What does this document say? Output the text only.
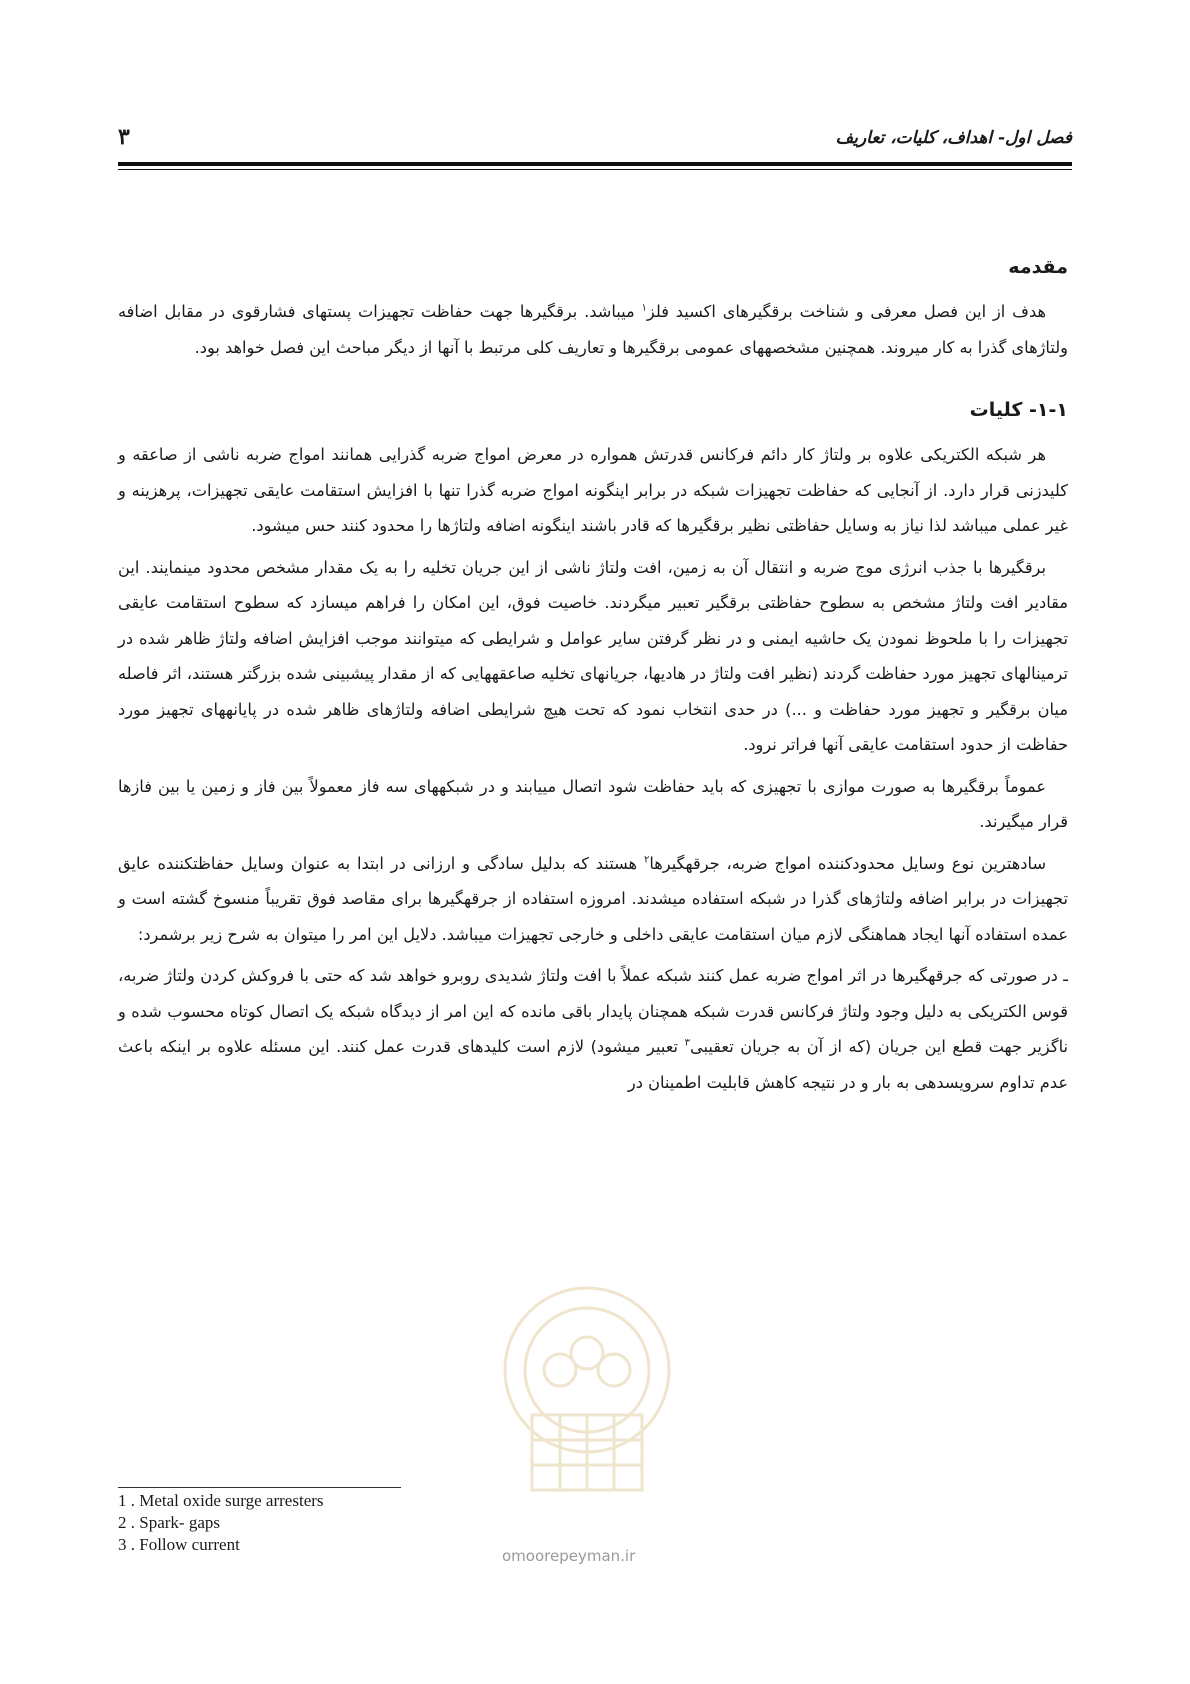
فصل اول- اهداف، کلیات، تعاریف
۳
مقدمه

هدف از این فصل معرفی و شناخت برقگیرهای اکسید فلز$^۱$ میباشد. برقگیرها جهت حفاظت تجهیزات پستهای فشارقوی در مقابل اضافه ولتاژهای گذرا به کار میروند. همچنین مشخصههای عمومی برقگیرها و تعاریف کلی مرتبط با آنها از دیگر مباحث این فصل خواهد بود.

۱-۱- کلیات

هر شبکه الکتریکی علاوه بر ولتاژ کار دائم فرکانس قدرتش همواره در معرض امواج ضربه گذرایی همانند امواج ضربه ناشی از صاعقه و کلیدزنی قرار دارد. از آنجایی که حفاظت تجهیزات شبکه در برابر اینگونه امواج ضربه گذرا تنها با افزایش استقامت عایقی تجهیزات، پرهزینه و غیر عملی میباشد لذا نیاز به وسایل حفاظتی نظیر برقگیرها که قادر باشند اینگونه اضافه ولتاژها را محدود کنند حس میشود.

برقگیرها با جذب انرژی موج ضربه و انتقال آن به زمین، افت ولتاژ ناشی از این جریان تخلیه را به یک مقدار مشخص محدود مینمایند. این مقادیر افت ولتاژ مشخص به سطوح حفاظتی برقگیر تعبیر میگردند. خاصیت فوق، این امکان را فراهم میسازد که سطوح استقامت عایقی تجهیزات را با ملحوظ نمودن یک حاشیه ایمنی و در نظر گرفتن سایر عوامل و شرایطی که میتوانند موجب افزایش اضافه ولتاژ ظاهر شده در ترمینالهای تجهیز مورد حفاظت گردند (نظیر افت ولتاژ در هادیها، جریانهای تخلیه صاعقههایی که از مقدار پیشبینی شده بزرگتر هستند، اثر فاصله میان برقگیر و تجهیز مورد حفاظت و ...) در حدی انتخاب نمود که تحت هیچ شرایطی اضافه ولتاژهای ظاهر شده در پایانههای تجهیز مورد حفاظت از حدود استقامت عایقی آنها فراتر نرود.

عموماً برقگیرها به صورت موازی با تجهیزی که باید حفاظت شود اتصال مییابند و در شبکههای سه فاز معمولاً بین فاز و زمین یا بین فازها قرار میگیرند.

سادهترین نوع وسایل محدودکننده امواج ضربه، جرقهگیرها$^۲$ هستند که بدلیل سادگی و ارزانی در ابتدا به عنوان وسایل حفاظتکننده عایق تجهیزات در برابر اضافه ولتاژهای گذرا در شبکه استفاده میشدند. امروزه استفاده از جرقهگیرها برای مقاصد فوق تقریباً منسوخ گشته است و عمده استفاده آنها ایجاد هماهنگی لازم میان استقامت عایقی داخلی و خارجی تجهیزات میباشد. دلایل این امر را میتوان به شرح زیر برشمرد:

ـ در صورتی که جرقهگیرها در اثر امواج ضربه عمل کنند شبکه عملاً با افت ولتاژ شدیدی روبرو خواهد شد که حتی با فروکش کردن ولتاژ ضربه، قوس الکتریکی به دلیل وجود ولتاژ فرکانس قدرت شبکه همچنان پایدار باقی مانده که این امر از دیدگاه شبکه یک اتصال کوتاه محسوب شده و ناگزیر جهت قطع این جریان (که از آن به جریان تعقیبی$^۳$ تعبیر میشود) لازم است کلیدهای قدرت عمل کنند. این مسئله علاوه بر اینکه باعث عدم تداوم سرویسدهی به بار و در نتیجه کاهش قابلیت اطمینان در

omoorepeyman.ir
1 . Metal oxide surge arresters
2 . Spark- gaps
3 . Follow current
